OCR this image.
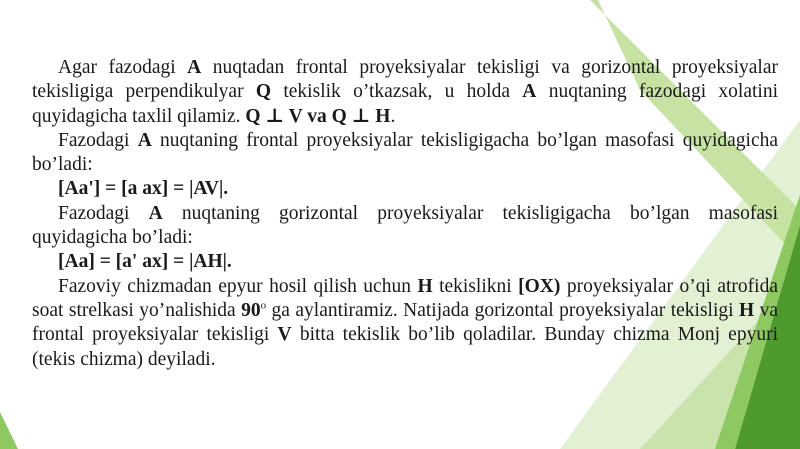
Agar fazodagi A nuqtadan frontal proyeksiyalar tekisligi va gorizontal proyeksiyalar tekisligiga perpendikulyar Q tekislik o’tkazsak, u holda A nuqtaning fazodagi xolatini quyidagicha taxlil qilamiz. Q ⊥ V va Q ⊥ H.

Fazodagi A nuqtaning frontal proyeksiyalar tekisligigacha bo’lgan masofasi quyidagicha bo’ladi:

[Aa'] = [a ax] = |AV|.

Fazodagi A nuqtaning gorizontal proyeksiyalar tekisligigacha bo’lgan masofasi quyidagicha bo’ladi:

[Aa] = [a' ax] = |AH|.

Fazoviy chizmadan epyur hosil qilish uchun H tekislikni [OX) proyeksiyalar o’qi atrofida soat strelkasi yo’nalishida 90$^o$ ga aylantiramiz. Natijada gorizontal proyeksiyalar tekisligi H va frontal proyeksiyalar tekisligi V bitta tekislik bo’lib qoladilar. Bunday chizma Monj epyuri (tekis chizma) deyiladi.
